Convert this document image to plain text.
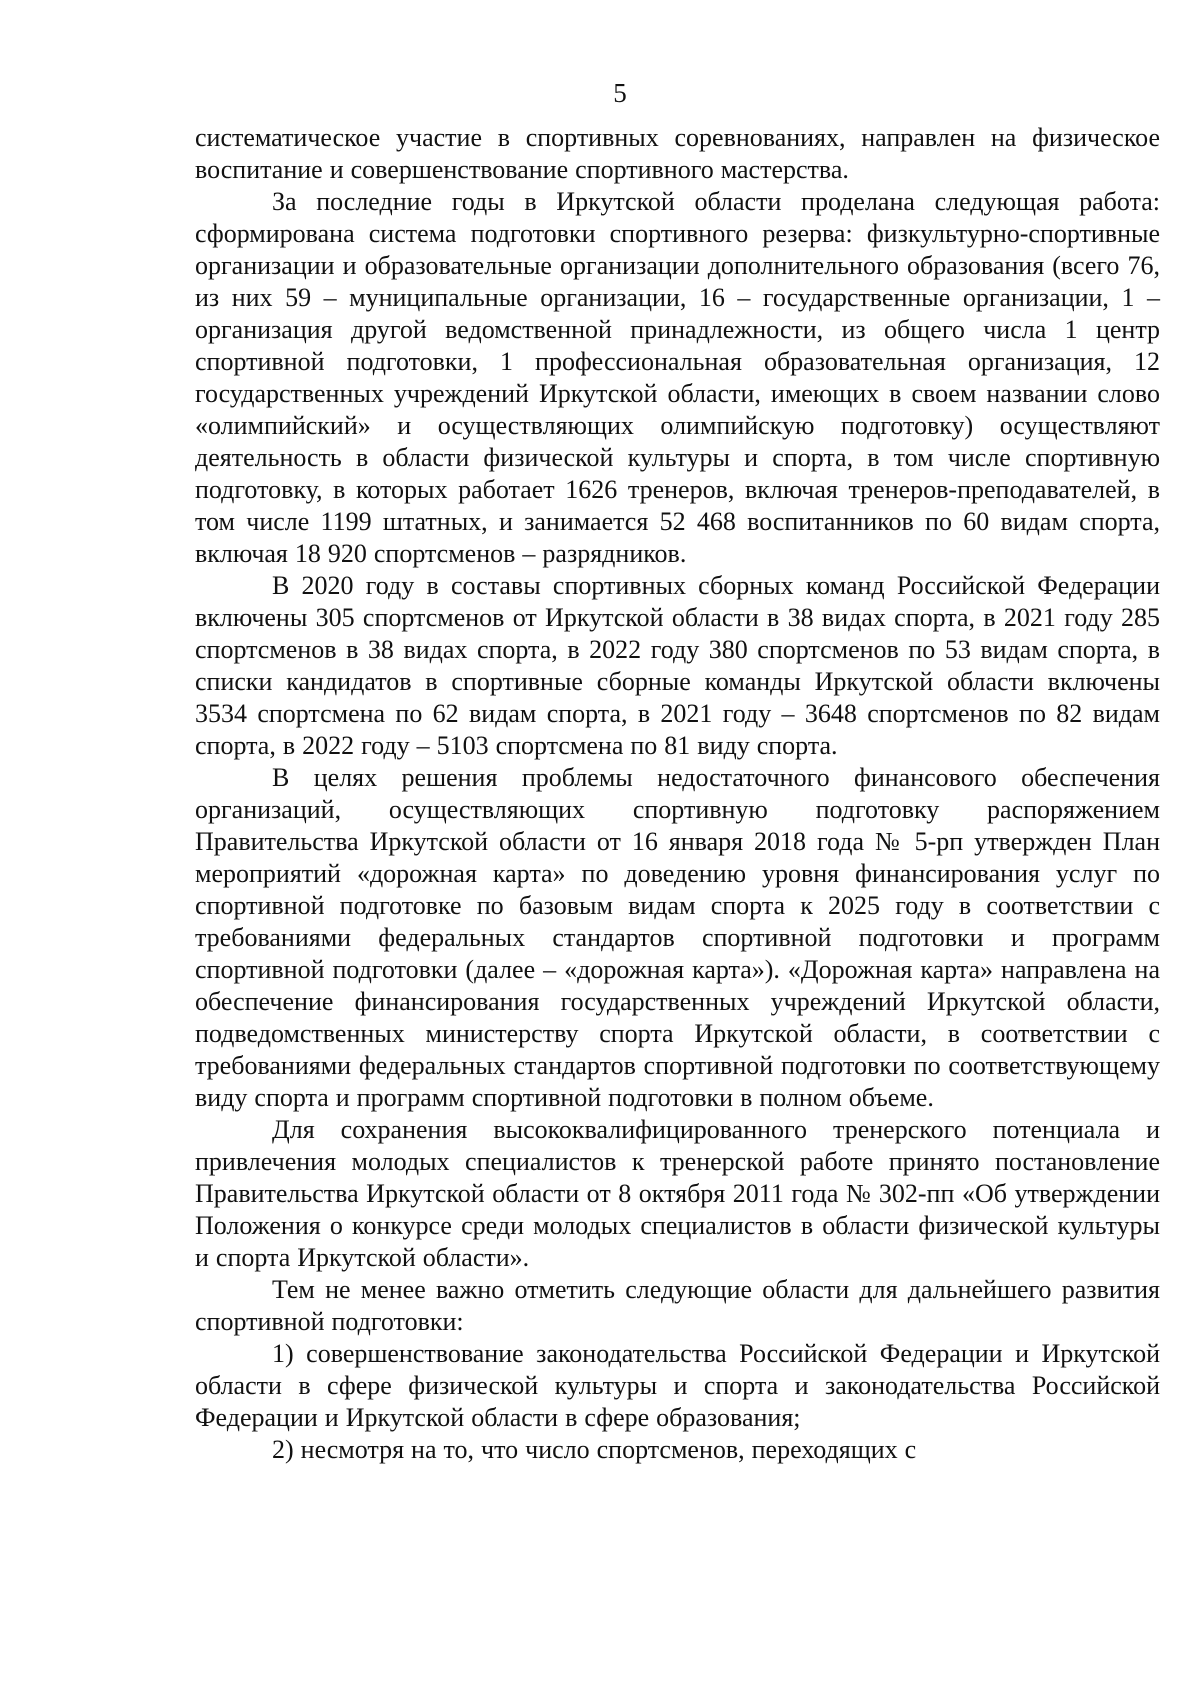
5

систематическое участие в спортивных соревнованиях, направлен на физическое воспитание и совершенствование спортивного мастерства.

За последние годы в Иркутской области проделана следующая работа: сформирована система подготовки спортивного резерва: физкультурно-спортивные организации и образовательные организации дополнительного образования (всего 76, из них 59 – муниципальные организации, 16 – государственные организации, 1 – организация другой ведомственной принадлежности, из общего числа 1 центр спортивной подготовки, 1 профессиональная образовательная организация, 12 государственных учреждений Иркутской области, имеющих в своем названии слово «олимпийский» и осуществляющих олимпийскую подготовку) осуществляют деятельность в области физической культуры и спорта, в том числе спортивную подготовку, в которых работает 1626 тренеров, включая тренеров-преподавателей, в том числе 1199 штатных, и занимается 52 468 воспитанников по 60 видам спорта, включая 18 920 спортсменов – разрядников.

В 2020 году в составы спортивных сборных команд Российской Федерации включены 305 спортсменов от Иркутской области в 38 видах спорта, в 2021 году 285 спортсменов в 38 видах спорта, в 2022 году 380 спортсменов по 53 видам спорта, в списки кандидатов в спортивные сборные команды Иркутской области включены 3534 спортсмена по 62 видам спорта, в 2021 году – 3648 спортсменов по 82 видам спорта, в 2022 году – 5103 спортсмена по 81 виду спорта.

В целях решения проблемы недостаточного финансового обеспечения организаций, осуществляющих спортивную подготовку распоряжением Правительства Иркутской области от 16 января 2018 года № 5-рп утвержден План мероприятий «дорожная карта» по доведению уровня финансирования услуг по спортивной подготовке по базовым видам спорта к 2025 году в соответствии с требованиями федеральных стандартов спортивной подготовки и программ спортивной подготовки (далее – «дорожная карта»). «Дорожная карта» направлена на обеспечение финансирования государственных учреждений Иркутской области, подведомственных министерству спорта Иркутской области, в соответствии с требованиями федеральных стандартов спортивной подготовки по соответствующему виду спорта и программ спортивной подготовки в полном объеме.

Для сохранения высококвалифицированного тренерского потенциала и привлечения молодых специалистов к тренерской работе принято постановление Правительства Иркутской области от 8 октября 2011 года № 302-пп «Об утверждении Положения о конкурсе среди молодых специалистов в области физической культуры и спорта Иркутской области».

Тем не менее важно отметить следующие области для дальнейшего развития спортивной подготовки:

1) совершенствование законодательства Российской Федерации и Иркутской области в сфере физической культуры и спорта и законодательства Российской Федерации и Иркутской области в сфере образования;

2) несмотря на то, что число спортсменов, переходящих с
